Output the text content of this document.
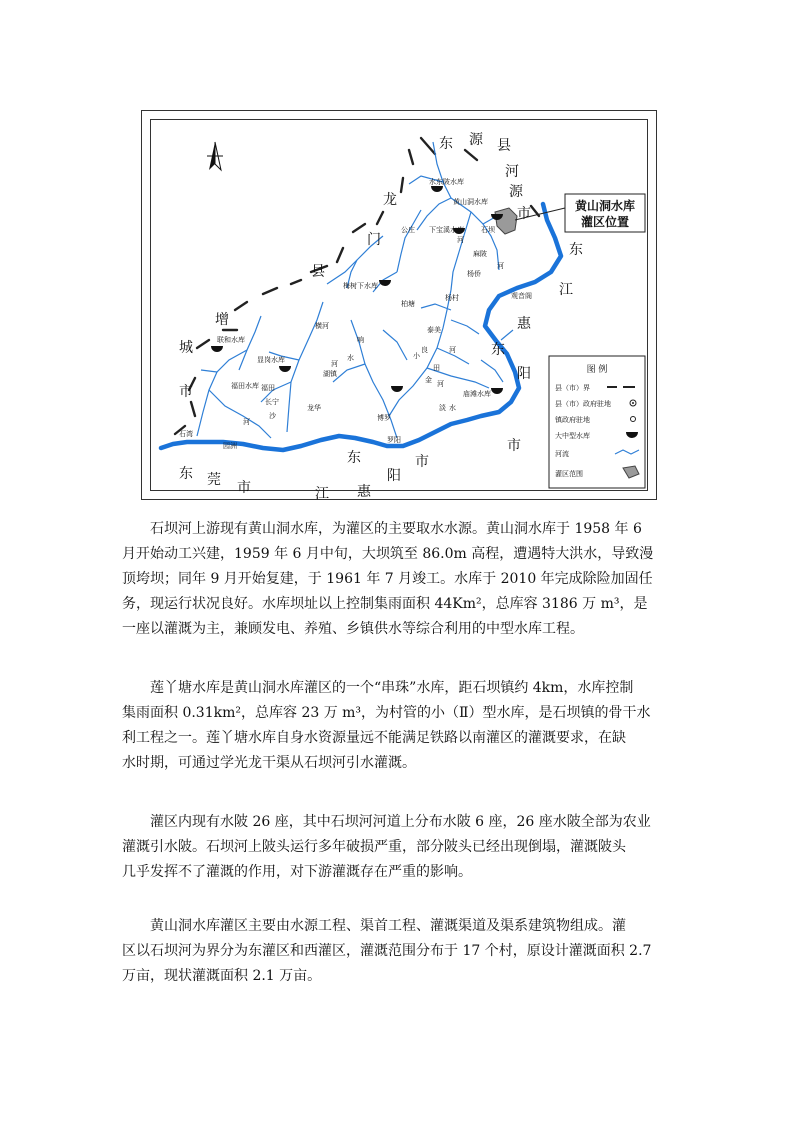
黄山洞水库
灌区位置
东 源 县
河
源
市
龙
门
县
增
城
市
东
江
惠
阳
市
东
东 莞 市
东
江 惠
阳
市
水东陂水库
黄山洞水库
下宝溪水库
梅树下水库
联和水库
显岗水库
福田水库
庙滩水库
公庄	石坝
杨侨
柏塘
横河	泰美
福田
长宁
龙华
湖镇
博罗
罗阳
园洲
石湾
观音阁
麻陂
杨村
河
河
响
水
河
小
金
良
田
河
河
沙
河
淡 水
图 例
县（市）界
县（市）政府驻地
镇政府驻地
大中型水库
河流
灌区范围
石坝河上游现有黄山洞水库，为灌区的主要取水水源。黄山洞水库于 1958 年 6
月开始动工兴建，1959 年 6 月中旬，大坝筑至 86.0m 高程，遭遇特大洪水，导致漫
顶垮坝；同年 9 月开始复建，于 1961 年 7 月竣工。水库于 2010 年完成除险加固任
务，现运行状况良好。水库坝址以上控制集雨面积 44Km²，总库容 3186 万 m³，是
一座以灌溉为主，兼顾发电、养殖、乡镇供水等综合利用的中型水库工程。
莲丫塘水库是黄山洞水库灌区的一个“串珠”水库，距石坝镇约 4km，水库控制
集雨面积 0.31km²，总库容 23 万 m³，为村管的小（Ⅱ）型水库，是石坝镇的骨干水
利工程之一。莲丫塘水库自身水资源量远不能满足铁路以南灌区的灌溉要求，在缺
水时期，可通过学光龙干渠从石坝河引水灌溉。
灌区内现有水陂 26 座，其中石坝河河道上分布水陂 6 座，26 座水陂全部为农业
灌溉引水陂。石坝河上陂头运行多年破损严重，部分陂头已经出现倒塌，灌溉陂头
几乎发挥不了灌溉的作用，对下游灌溉存在严重的影响。
黄山洞水库灌区主要由水源工程、渠首工程、灌溉渠道及渠系建筑物组成。灌
区以石坝河为界分为东灌区和西灌区，灌溉范围分布于 17 个村，原设计灌溉面积 2.7
万亩，现状灌溉面积 2.1 万亩。
